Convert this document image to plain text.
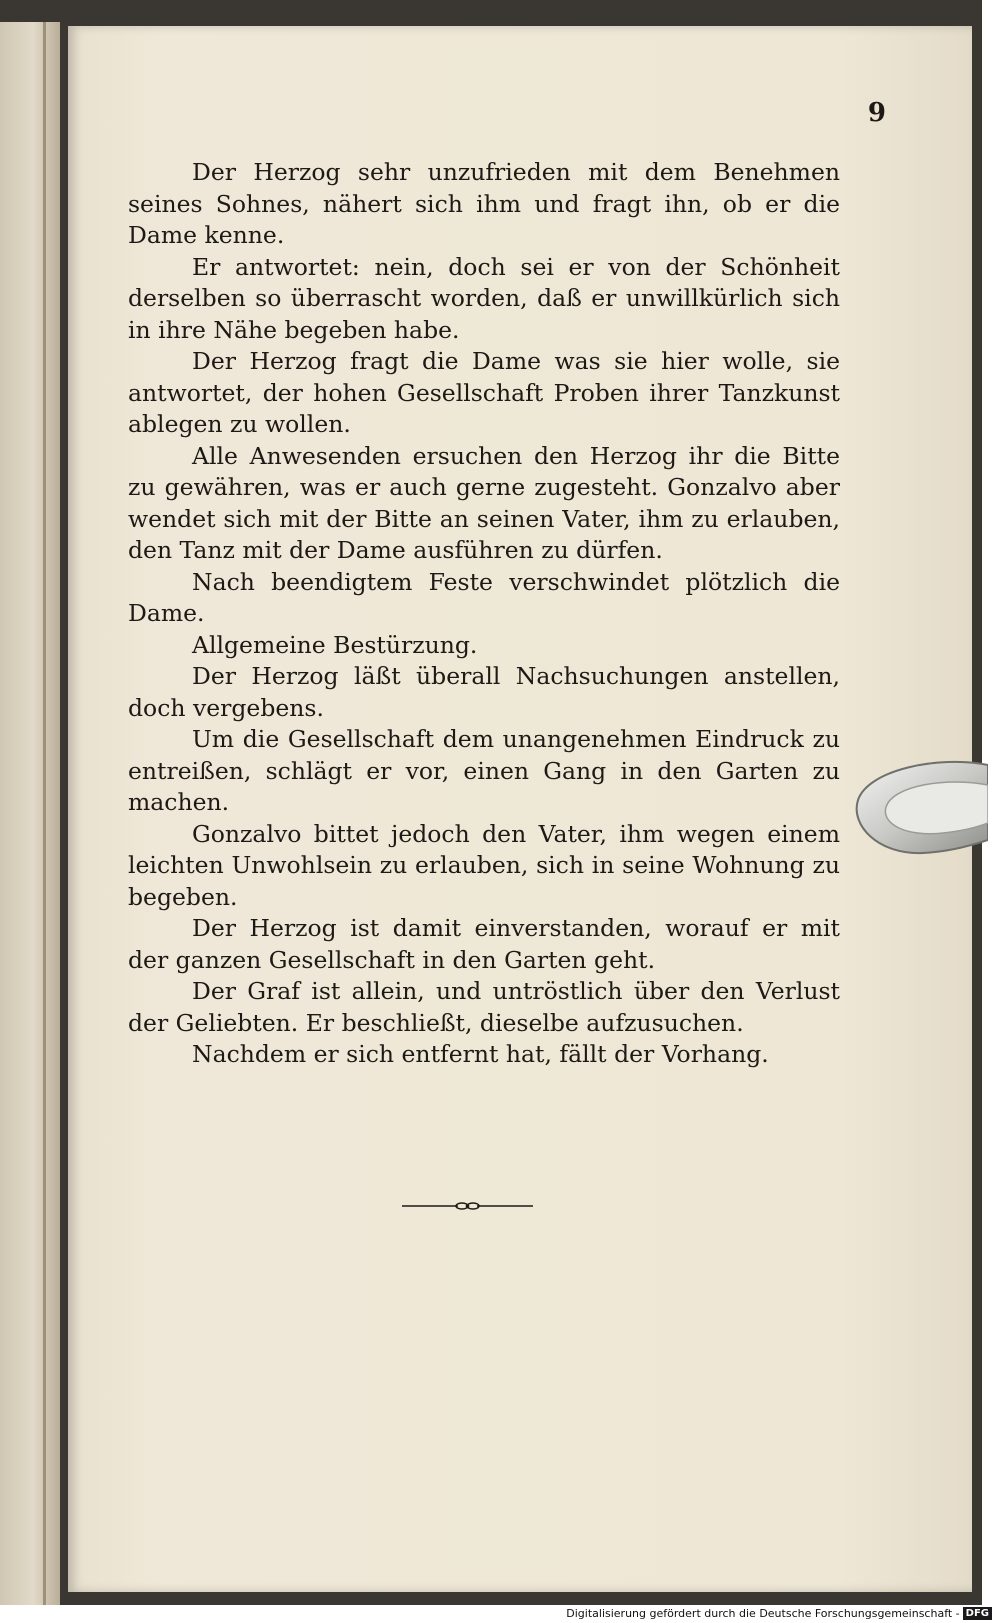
9

Der Herzog sehr unzufrieden mit dem Benehmen seines Sohnes, nähert sich ihm und fragt ihn, ob er die Dame kenne.

Er antwortet: nein, doch sei er von der Schönheit derselben so überrascht worden, daß er unwillkürlich sich in ihre Nähe begeben habe.

Der Herzog fragt die Dame was sie hier wolle, sie antwortet, der hohen Gesellschaft Proben ihrer Tanzkunst ablegen zu wollen.

Alle Anwesenden ersuchen den Herzog ihr die Bitte zu gewähren, was er auch gerne zugesteht. Gonzalvo aber wendet sich mit der Bitte an seinen Vater, ihm zu erlauben, den Tanz mit der Dame ausführen zu dürfen.

Nach beendigtem Feste verschwindet plötzlich die Dame.

Allgemeine Bestürzung.

Der Herzog läßt überall Nachsuchungen anstellen, doch vergebens.

Um die Gesellschaft dem unangenehmen Eindruck zu entreißen, schlägt er vor, einen Gang in den Garten zu machen.

Gonzalvo bittet jedoch den Vater, ihm wegen einem leichten Unwohlsein zu erlauben, sich in seine Wohnung zu begeben.

Der Herzog ist damit einverstanden, worauf er mit der ganzen Gesellschaft in den Garten geht.

Der Graf ist allein, und untröstlich über den Verlust der Geliebten. Er beschließt, dieselbe aufzusuchen.

Nachdem er sich entfernt hat, fällt der Vorhang.

Digitalisierung gefördert durch die Deutsche Forschungsgemeinschaft - DFG
